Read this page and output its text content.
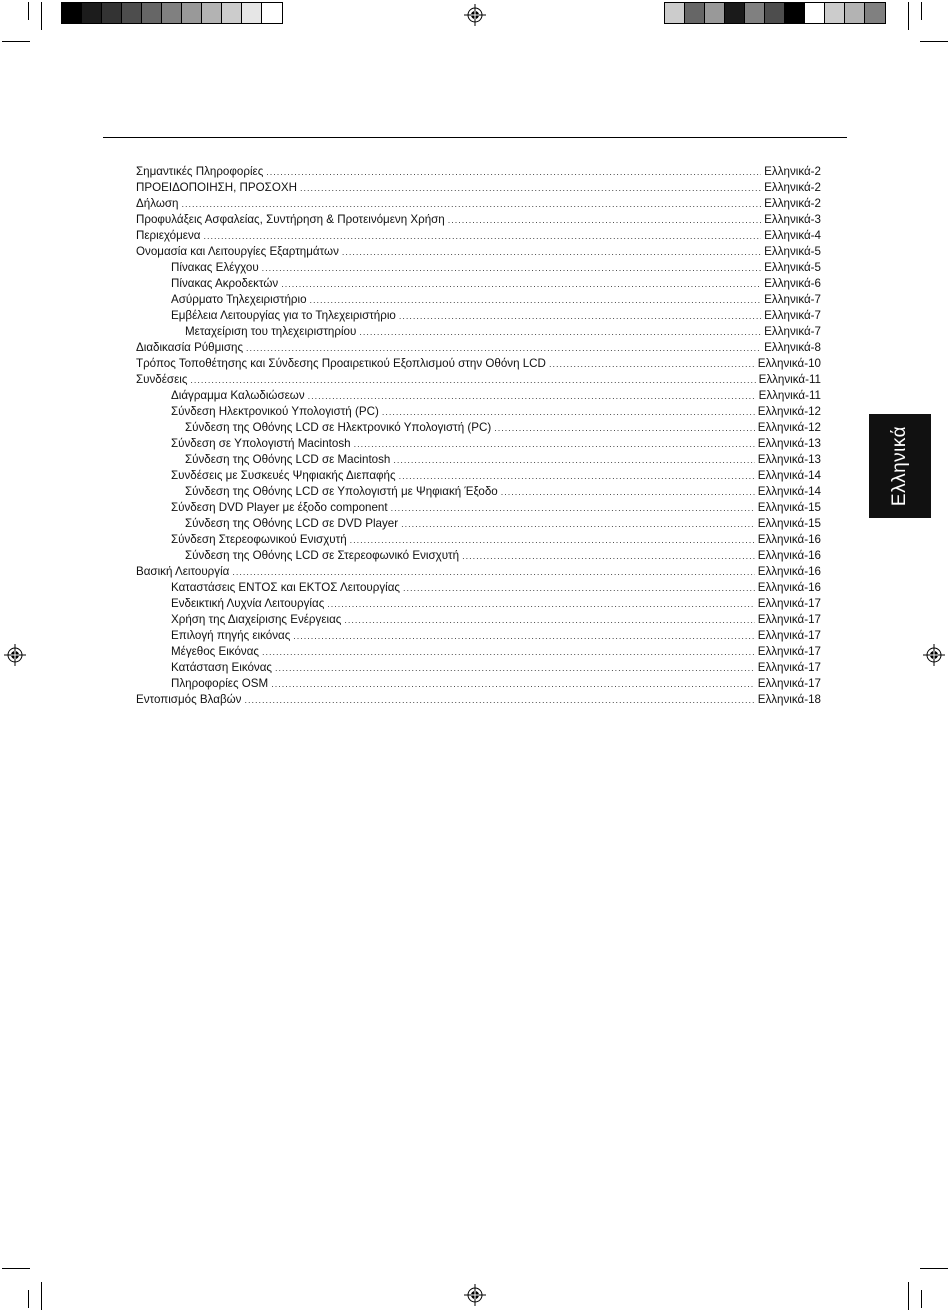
Σημαντικές Πληροφορίες .....	Ελληνικά-2
ΠΡΟΕΙΔΟΠΟΙΗΣΗ, ΠΡΟΣΟΧΗ .....	Ελληνικά-2
Δήλωση .....	Ελληνικά-2
Προφυλάξεις Ασφαλείας, Συντήρηση & Προτεινόμενη Χρήση .....	Ελληνικά-3
Περιεχόμενα .....	Ελληνικά-4
Ονομασία και Λειτουργίες Εξαρτημάτων .....	Ελληνικά-5
Πίνακας Ελέγχου .....	Ελληνικά-5
Πίνακας Ακροδεκτών .....	Ελληνικά-6
Ασύρματο Τηλεχειριστήριο .....	Ελληνικά-7
Εμβέλεια Λειτουργίας για το Τηλεχειριστήριο .....	Ελληνικά-7
Μεταχείριση του τηλεχειριστηρίου .....	Ελληνικά-7
Διαδικασία Ρύθμισης .....	Ελληνικά-8
Τρόπος Τοποθέτησης και Σύνδεσης Προαιρετικού Εξοπλισμού στην Οθόνη LCD .....	Ελληνικά-10
Συνδέσεις .....	Ελληνικά-11
Διάγραμμα Καλωδιώσεων .....	Ελληνικά-11
Σύνδεση Ηλεκτρονικού Υπολογιστή (PC) .....	Ελληνικά-12
Σύνδεση της Οθόνης LCD σε Ηλεκτρονικό Υπολογιστή (PC) .....	Ελληνικά-12
Σύνδεση σε Υπολογιστή Macintosh .....	Ελληνικά-13
Σύνδεση της Οθόνης LCD σε Macintosh .....	Ελληνικά-13
Συνδέσεις με Συσκευές Ψηφιακής Διεπαφής .....	Ελληνικά-14
Σύνδεση της Οθόνης LCD σε Υπολογιστή με Ψηφιακή Έξοδο .....	Ελληνικά-14
Σύνδεση DVD Player με έξοδο component .....	Ελληνικά-15
Σύνδεση της Οθόνης LCD σε DVD Player .....	Ελληνικά-15
Σύνδεση Στερεοφωνικού Ενισχυτή .....	Ελληνικά-16
Σύνδεση της Οθόνης LCD σε Στερεοφωνικό Ενισχυτή .....	Ελληνικά-16
Βασική Λειτουργία .....	Ελληνικά-16
Καταστάσεις ΕΝΤΟΣ και ΕΚΤΟΣ Λειτουργίας .....	Ελληνικά-16
Ενδεικτική Λυχνία Λειτουργίας .....	Ελληνικά-17
Χρήση της Διαχείρισης Ενέργειας .....	Ελληνικά-17
Επιλογή πηγής εικόνας .....	Ελληνικά-17
Μέγεθος Εικόνας .....	Ελληνικά-17
Κατάσταση Εικόνας .....	Ελληνικά-17
Πληροφορίες OSM .....	Ελληνικά-17
Εντοπισμός Βλαβών .....	Ελληνικά-18
Ελληνικά
